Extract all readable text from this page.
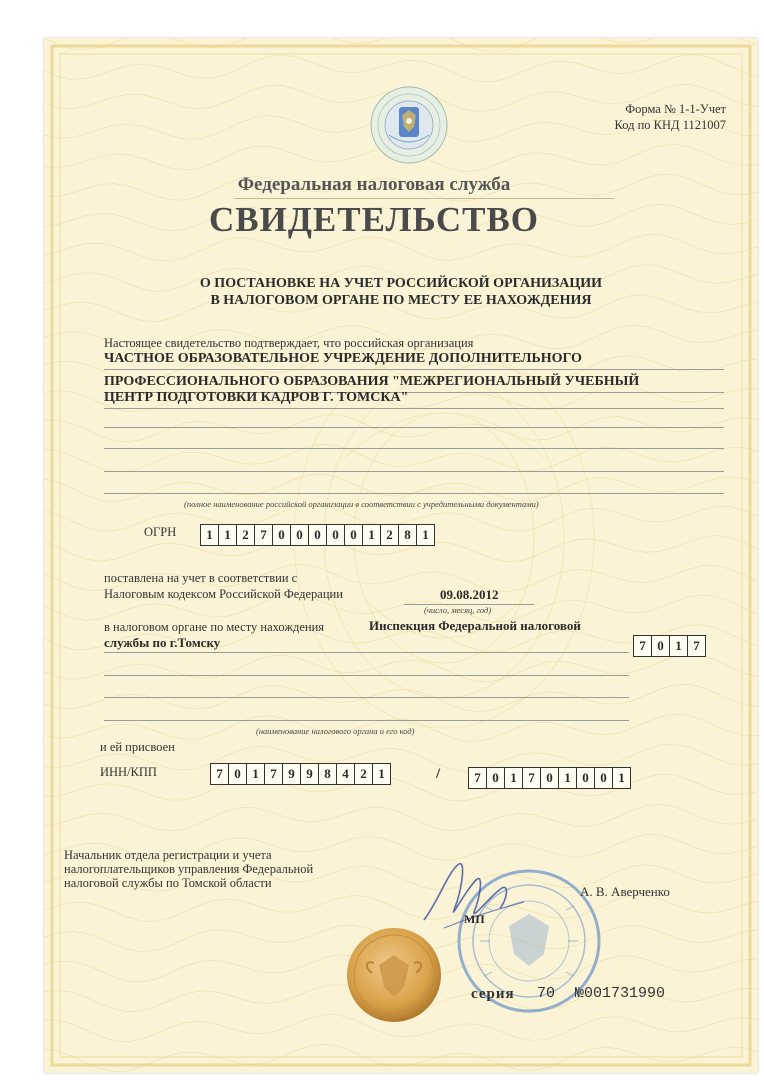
Форма № 1-1-Учет
Код по КНД 1121007
Федеральная налоговая служба
СВИДЕТЕЛЬСТВО
О ПОСТАНОВКЕ НА УЧЕТ РОССИЙСКОЙ ОРГАНИЗАЦИИ
В НАЛОГОВОМ ОРГАНЕ ПО МЕСТУ ЕЕ НАХОЖДЕНИЯ
Настоящее свидетельство подтверждает, что российская организация
ЧАСТНОЕ ОБРАЗОВАТЕЛЬНОЕ УЧРЕЖДЕНИЕ ДОПОЛНИТЕЛЬНОГО
ПРОФЕССИОНАЛЬНОГО ОБРАЗОВАНИЯ "МЕЖРЕГИОНАЛЬНЫЙ УЧЕБНЫЙ
ЦЕНТР ПОДГОТОВКИ КАДРОВ Г. ТОМСКА"
(полное наименование российской организации в соответствии с учредительными документами)
ОГРН	1 1 2 7 0 0 0 0 0 1 2 8 1
поставлена на учет в соответствии с
Налоговым кодексом Российской Федерации	09.08.2012
(число, месяц, год)
в налоговом органе по месту нахождения	Инспекция Федеральной налоговой
службы по г.Томску	7 0 1 7
(наименование налогового органа и его код)
и ей присвоен
ИНН/КПП	7 0 1 7 9 9 8 4 2 1	/	7 0 1 7 0 1 0 0 1
Начальник отдела регистрации и учета
налогоплательщиков управления Федеральной
налоговой службы по Томской области
МП
А. В. Аверченко
серия 70 №001731990
